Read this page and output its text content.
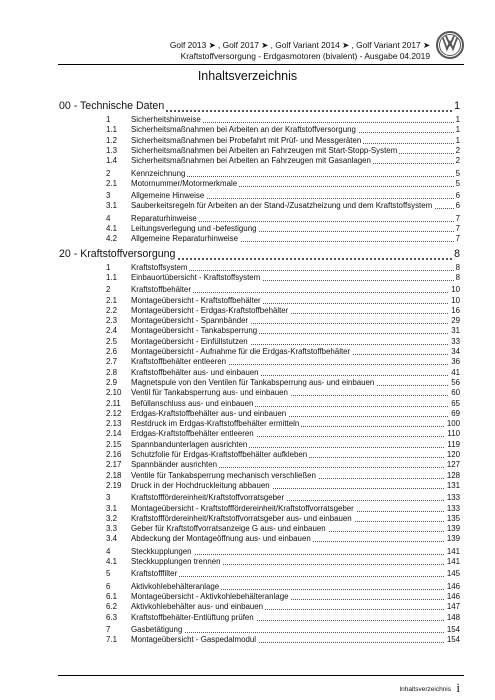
Golf 2013 ➤ , Golf 2017 ➤ , Golf Variant 2014 ➤ , Golf Variant 2017 ➤
Kraftstoffversorgung - Erdgasmotoren (bivalent) - Ausgabe 04.2019
Inhaltsverzeichnis
00 - Technische Daten	1
1	Sicherheitshinweise	1
1.1 Sicherheitsmaßnahmen bei Arbeiten an der Kraftstoffversorgung	1
1.2 Sicherheitsmaßnahmen bei Probefahrt mit Prüf- und Messgeräten	1
1.3 Sicherheitsmaßnahmen bei Arbeiten an Fahrzeugen mit Start-Stopp-System	2
1.4 Sicherheitsmaßnahmen bei Arbeiten an Fahrzeugen mit Gasanlagen	2
2	Kennzeichnung	5
2.1 Motornummer/Motormerkmale	5
3	Allgemeine Hinweise	6
3.1 Sauberkeitsregeln für Arbeiten an der Stand-/Zusatzheizung und dem Kraftstoffsystem	6
4	Reparaturhinweise	7
4.1 Leitungsverlegung und -befestigung	7
4.2 Allgemeine Reparaturhinweise	7
20 - Kraftstoffversorgung	8
1	Kraftstoffsystem	8
1.1 Einbauortübersicht - Kraftstoffsystem	8
2	Kraftstoffbehälter	10
2.1 Montageübersicht - Kraftstoffbehälter	10
2.2 Montageübersicht - Erdgas-Kraftstoffbehälter	16
2.3 Montageübersicht - Spannbänder	29
2.4 Montageübersicht - Tankabsperrung	31
2.5 Montageübersicht - Einfüllstutzen	33
2.6 Montageübersicht - Aufnahme für die Erdgas-Kraftstoffbehälter	34
2.7 Kraftstoffbehälter entleeren	36
2.8 Kraftstoffbehälter aus- und einbauen	41
2.9 Magnetspule von den Ventilen für Tankabsperrung aus- und einbauen	56
2.10 Ventil für Tankabsperrung aus- und einbauen	60
2.11 Befüllanschluss aus- und einbauen	65
2.12 Erdgas-Kraftstoffbehälter aus- und einbauen	69
2.13 Restdruck im Erdgas-Kraftstoffbehälter ermitteln	100
2.14 Erdgas-Kraftstoffbehälter entleeren	110
2.15 Spannbandunterlagen ausrichten	119
2.16 Schutzfolie für Erdgas-Kraftstoffbehälter aufkleben	120
2.17 Spannbänder ausrichten	127
2.18 Ventile für Tankabsperrung mechanisch verschließen	128
2.19 Druck in der Hochdruckleitung abbauen	131
3	Kraftstofffördereinheit/Kraftstoffvorratsgeber	133
3.1 Montageübersicht - Kraftstofffördereinheit/Kraftstoffvorratsgeber	133
3.2 Kraftstofffördereinheit/Kraftstoffvorratsgeber aus- und einbauen	135
3.3 Geber für Kraftstoffvorratsanzeige G aus- und einbauen	139
3.4 Abdeckung der Montageöffnung aus- und einbauen	139
4	Steckkupplungen	141
4.1 Steckkupplungen trennen	141
5	Kraftstofffilter	145
6	Aktivkohlebehälteranlage	146
6.1 Montageübersicht - Aktivkohlebehälteranlage	146
6.2 Aktivkohlebehälter aus- und einbauen	147
6.3 Kraftstoffbehälter-Entlüftung prüfen	148
7	Gasbetätigung	154
7.1 Montageübersicht - Gaspedalmodul	154
Inhaltsverzeichnis i
